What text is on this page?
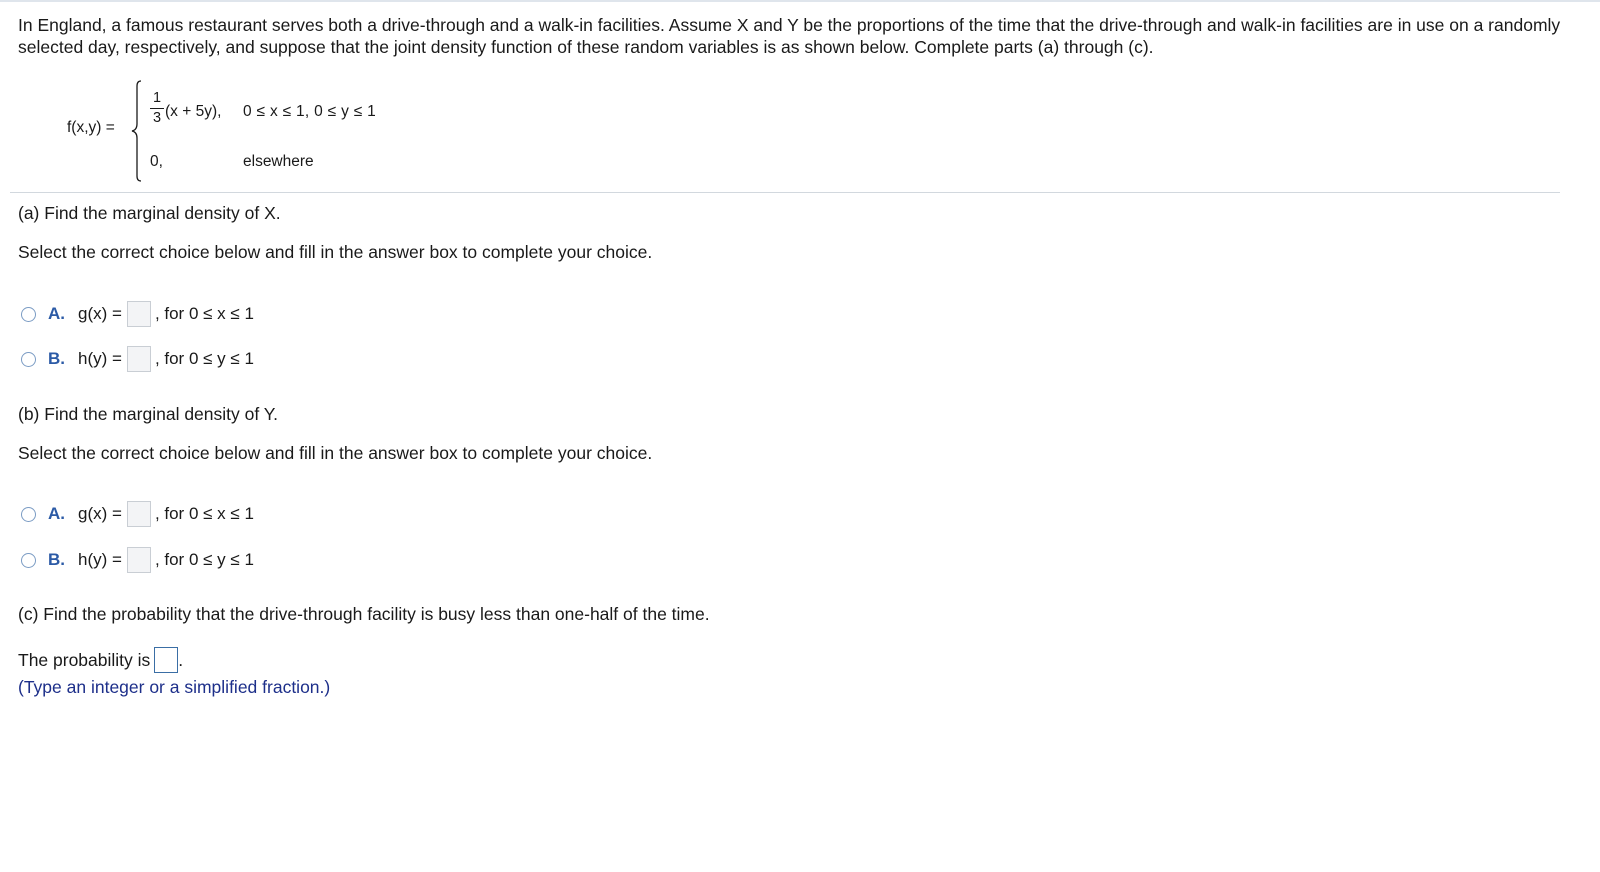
In England, a famous restaurant serves both a drive-through and a walk-in facilities. Assume X and Y be the proportions of the time that the drive-through and walk-in facilities are in use on a randomly selected day, respectively, and suppose that the joint density function of these random variables is as shown below. Complete parts (a) through (c).
f(x,y) =
1
3 (x + 5y), 0 ≤ x ≤ 1, 0 ≤ y ≤ 1
0,	elsewhere
(a) Find the marginal density of X.
Select the correct choice below and fill in the answer box to complete your choice.
A. g(x) = , for 0 ≤ x ≤ 1
B. h(y) = , for 0 ≤ y ≤ 1
(b) Find the marginal density of Y.
Select the correct choice below and fill in the answer box to complete your choice.
A. g(x) = , for 0 ≤ x ≤ 1
B. h(y) = , for 0 ≤ y ≤ 1
(c) Find the probability that the drive-through facility is busy less than one-half of the time.
The probability is .
(Type an integer or a simplified fraction.)
